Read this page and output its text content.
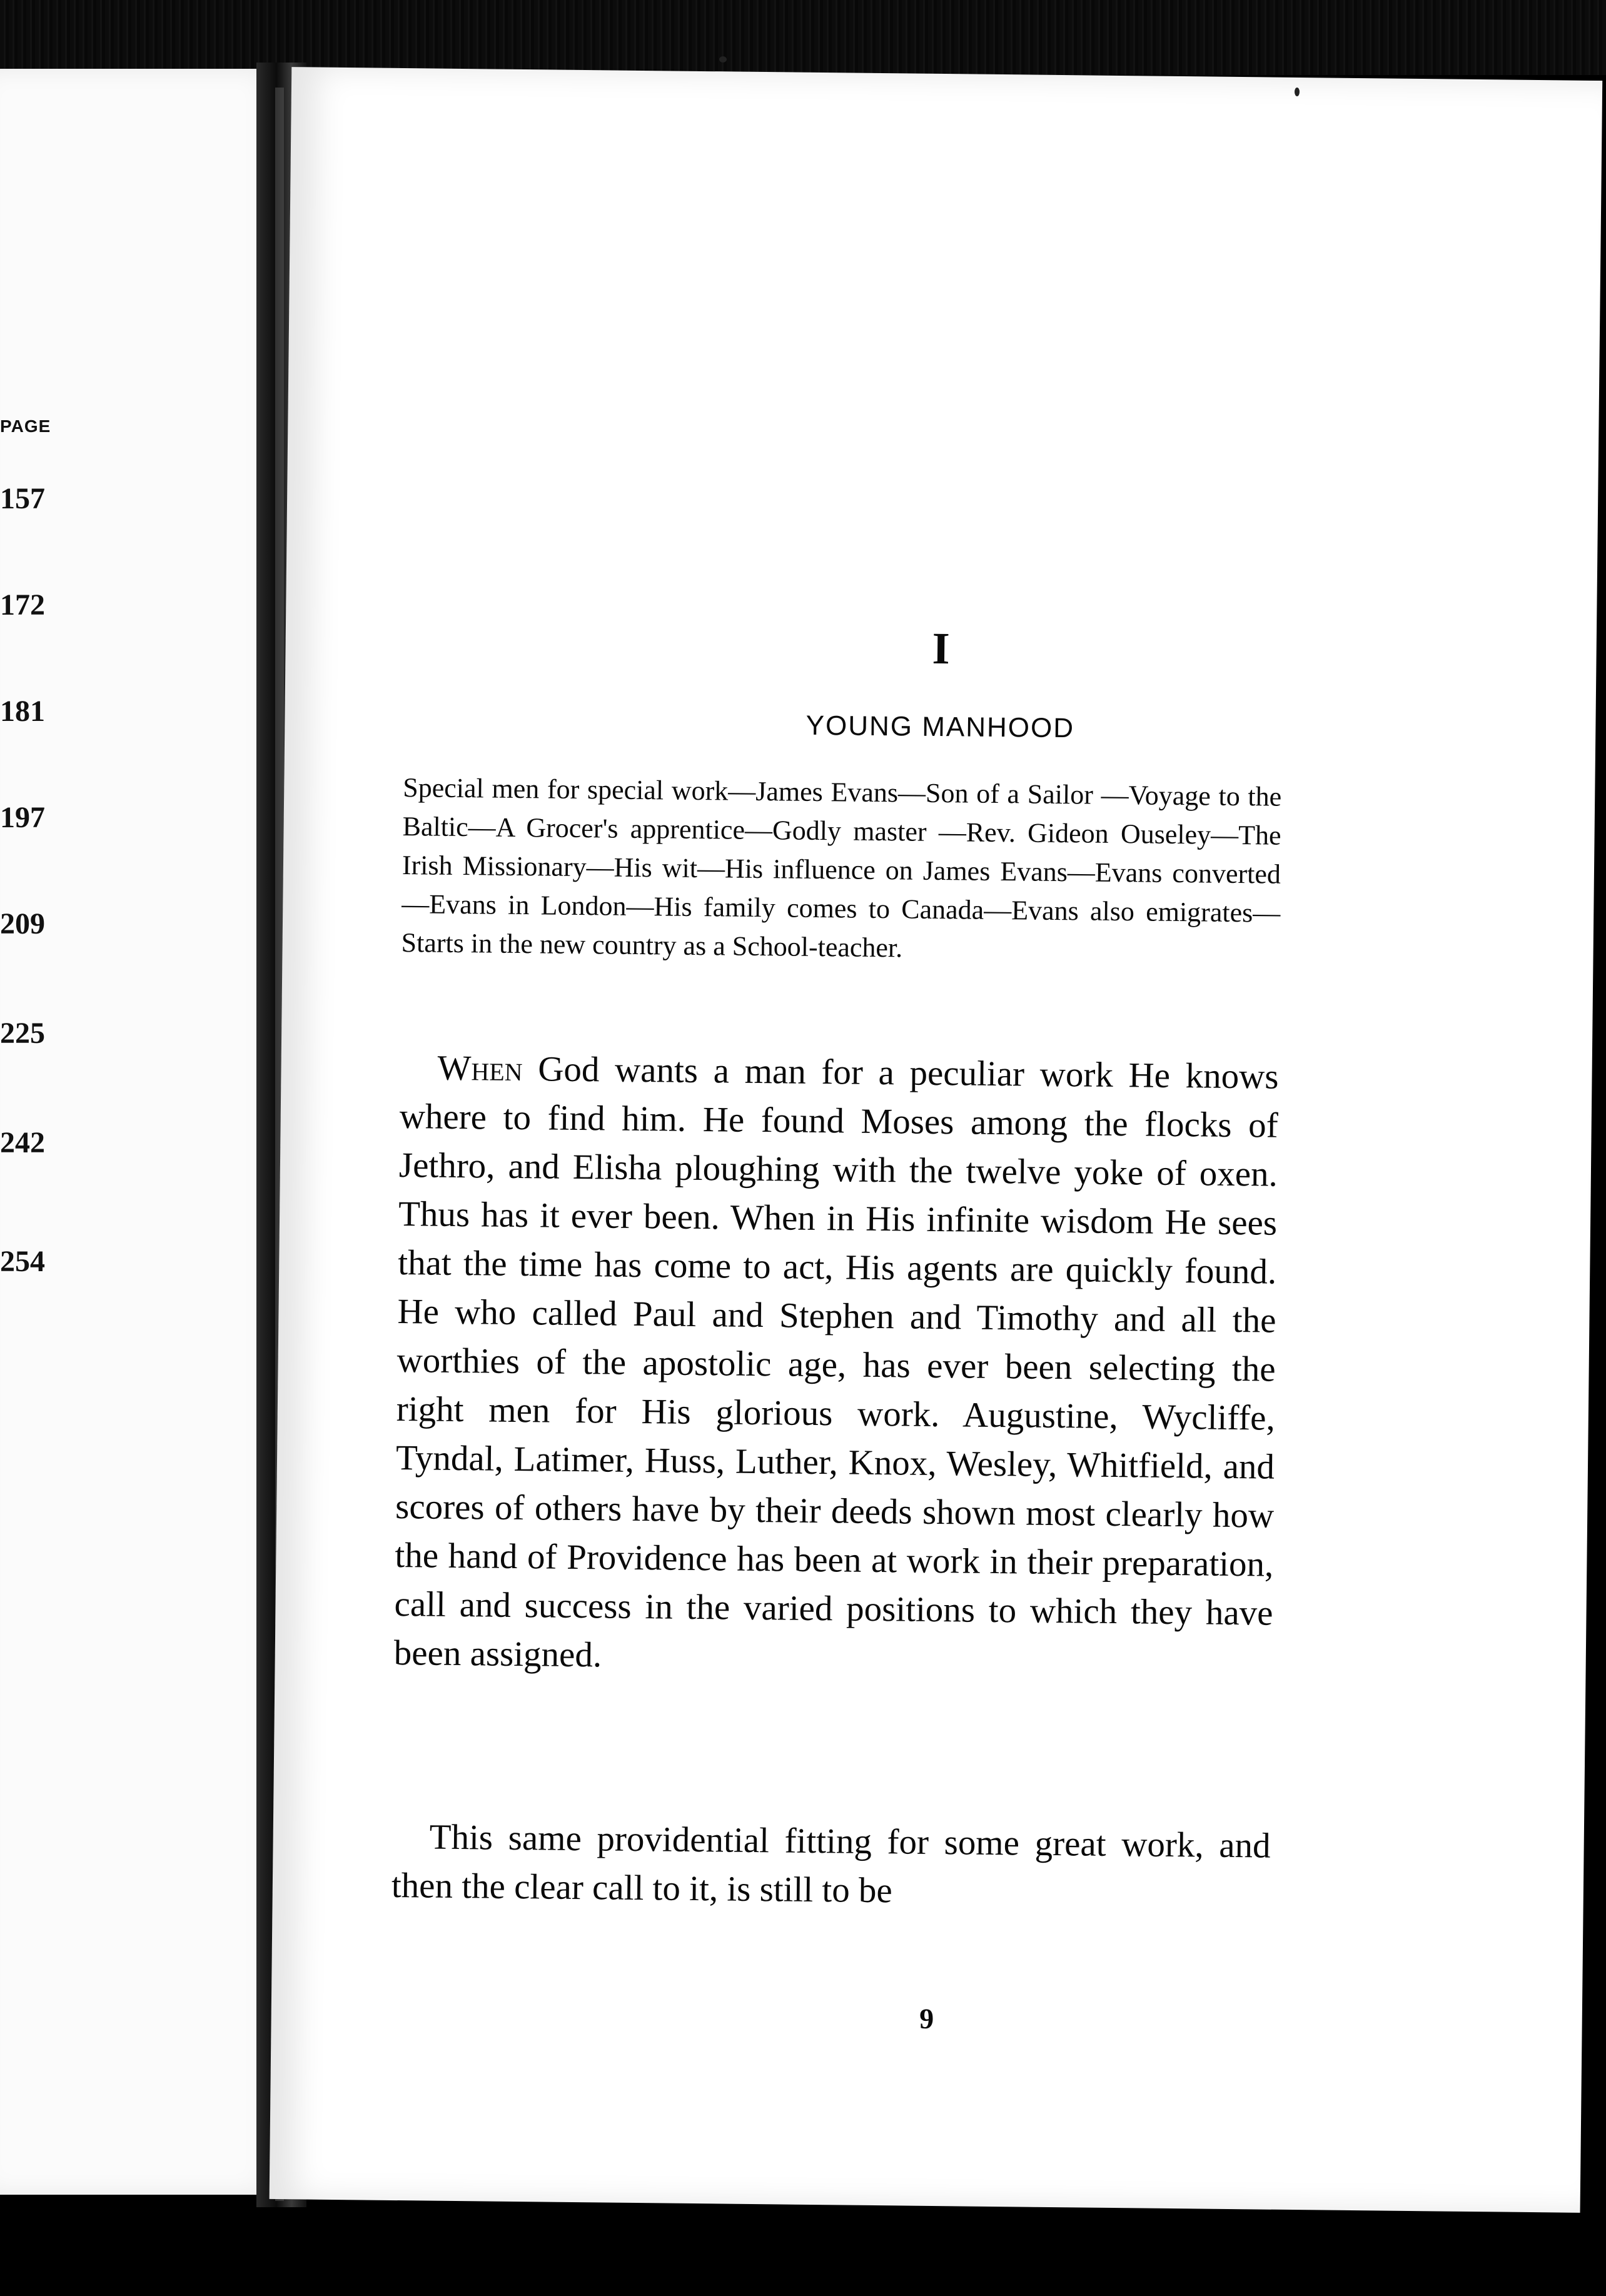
PAGE
157
172
181
197
209
225
242
254
I
YOUNG MANHOOD
Special men for special work—James Evans—Son of a Sailor —Voyage to the Baltic—A Grocer's apprentice—Godly master —Rev. Gideon Ouseley—The Irish Missionary—His wit—His influence on James Evans—Evans converted—Evans in London—His family comes to Canada—Evans also emigrates—Starts in the new country as a School-teacher.

When God wants a man for a peculiar work He knows where to find him. He found Moses among the flocks of Jethro, and Elisha ploughing with the twelve yoke of oxen. Thus has it ever been. When in His infinite wisdom He sees that the time has come to act, His agents are quickly found. He who called Paul and Stephen and Timothy and all the worthies of the apostolic age, has ever been selecting the right men for His glorious work. Augustine, Wycliffe, Tyndal, Latimer, Huss, Luther, Knox, Wesley, Whitfield, and scores of others have by their deeds shown most clearly how the hand of Providence has been at work in their preparation, call and success in the varied positions to which they have been assigned.

This same providential fitting for some great work, and then the clear call to it, is still to be

9
